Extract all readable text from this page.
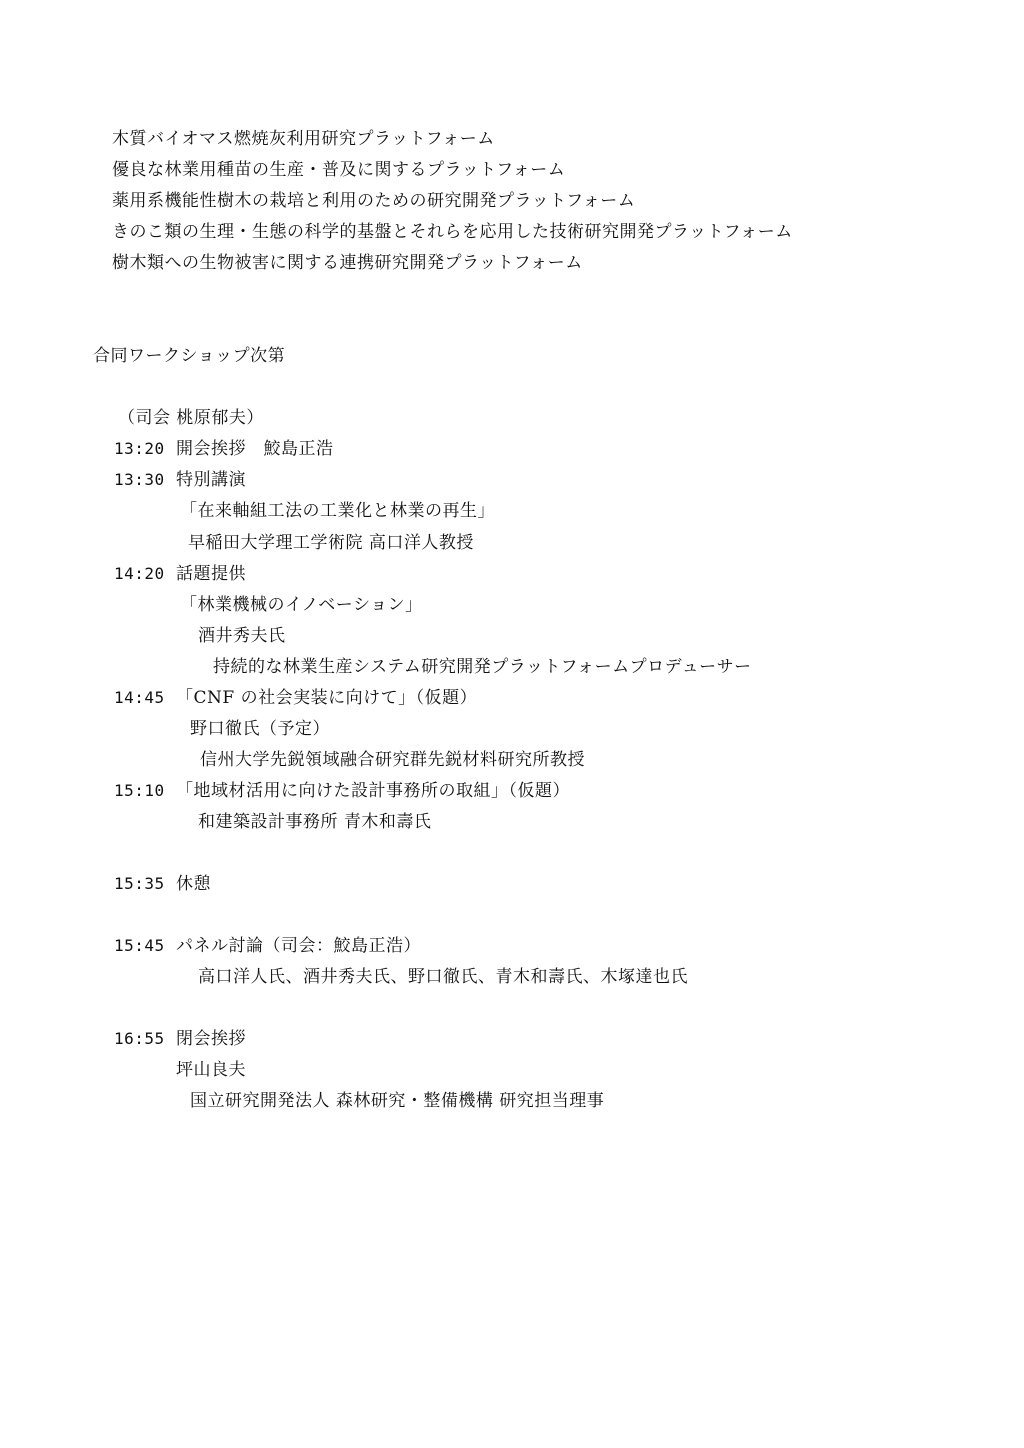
木質バイオマス燃焼灰利用研究プラットフォーム
優良な林業用種苗の生産・普及に関するプラットフォーム
薬用系機能性樹木の栽培と利用のための研究開発プラットフォーム
きのこ類の生理・生態の科学的基盤とそれらを応用した技術研究開発プラットフォーム
樹木類への生物被害に関する連携研究開発プラットフォーム
合同ワークショップ次第
（司会 桃原郁夫）
13:20 開会挨拶　鮫島正浩
13:30 特別講演
「在来軸組工法の工業化と林業の再生」
早稲田大学理工学術院 高口洋人教授
14:20 話題提供
「林業機械のイノベーション」
酒井秀夫氏
持続的な林業生産システム研究開発プラットフォームプロデューサー
14:45 「CNF の社会実装に向けて」（仮題）
野口徹氏（予定）
信州大学先鋭領域融合研究群先鋭材料研究所教授
15:10 「地域材活用に向けた設計事務所の取組」（仮題）
和建築設計事務所 青木和壽氏
15:35 休憩
15:45 パネル討論（司会：鮫島正浩）
高口洋人氏、酒井秀夫氏、野口徹氏、青木和壽氏、木塚達也氏
16:55 閉会挨拶
坪山良夫
国立研究開発法人 森林研究・整備機構 研究担当理事
